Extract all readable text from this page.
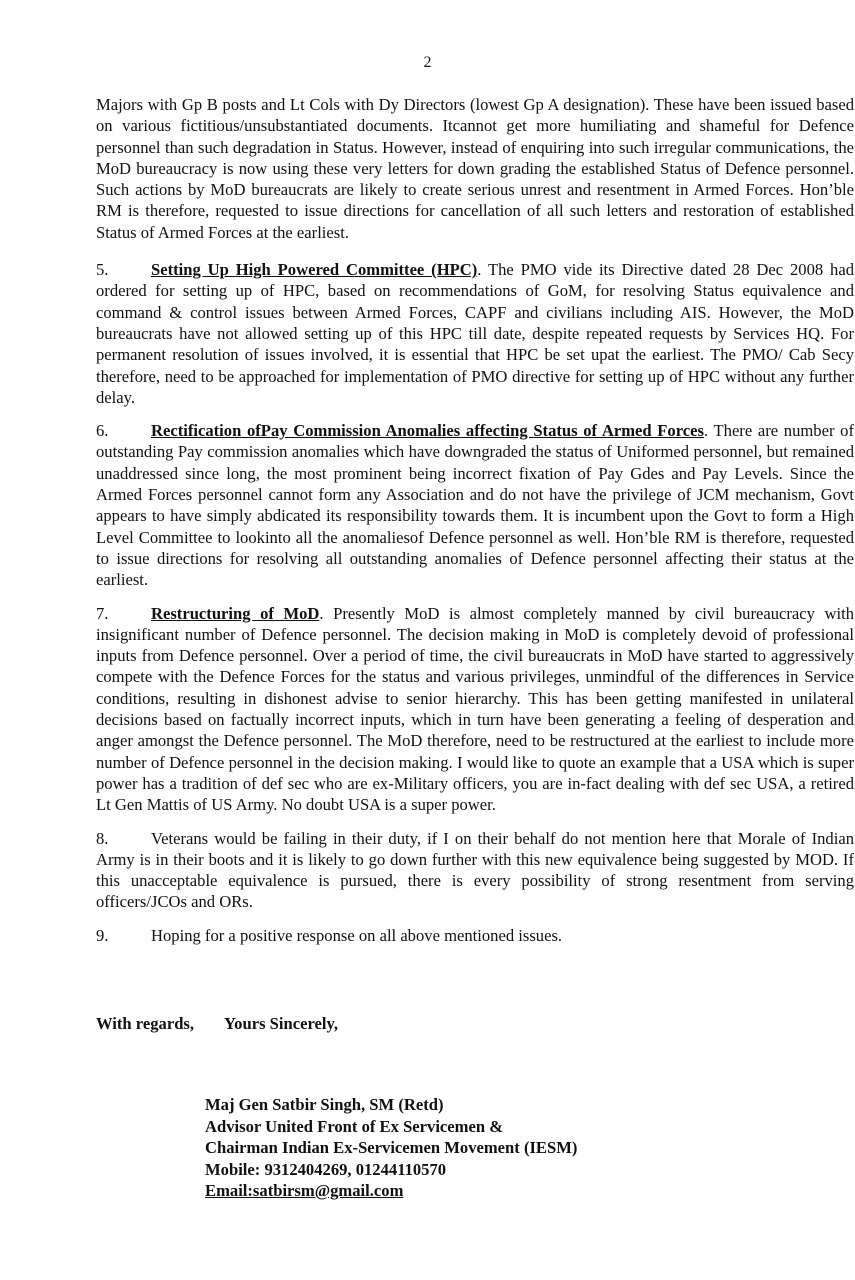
2

Majors with Gp B posts and Lt Cols with Dy Directors (lowest Gp A designation). These have been issued based on various fictitious/unsubstantiated documents. Itcannot get more humiliating and shameful for Defence personnel than such degradation in Status. However, instead of enquiring into such irregular communications, the MoD bureaucracy is now using these very letters for down grading the established Status of Defence personnel. Such actions by MoD bureaucrats are likely to create serious unrest and resentment in Armed Forces. Hon’ble RM is therefore, requested to issue directions for cancellation of all such letters and restoration of established Status of Armed Forces at the earliest.

5.	Setting Up High Powered Committee (HPC). The PMO vide its Directive dated 28 Dec 2008 had ordered for setting up of HPC, based on recommendations of GoM, for resolving Status equivalence and command & control issues between Armed Forces, CAPF and civilians including AIS. However, the MoD bureaucrats have not allowed setting up of this HPC till date, despite repeated requests by Services HQ. For permanent resolution of issues involved, it is essential that HPC be set upat the earliest. The PMO/ Cab Secy therefore, need to be approached for implementation of PMO directive for setting up of HPC without any further delay.

6.	Rectification ofPay Commission Anomalies affecting Status of Armed Forces. There are number of outstanding Pay commission anomalies which have downgraded the status of Uniformed personnel, but remained unaddressed since long, the most prominent being incorrect fixation of Pay Gdes and Pay Levels. Since the Armed Forces personnel cannot form any Association and do not have the privilege of JCM mechanism, Govt appears to have simply abdicated its responsibility towards them. It is incumbent upon the Govt to form a High Level Committee to lookinto all the anomaliesof Defence personnel as well. Hon’ble RM is therefore, requested to issue directions for resolving all outstanding anomalies of Defence personnel affecting their status at the earliest.

7.	Restructuring of MoD. Presently MoD is almost completely manned by civil bureaucracy with insignificant number of Defence personnel. The decision making in MoD is completely devoid of professional inputs from Defence personnel. Over a period of time, the civil bureaucrats in MoD have started to aggressively compete with the Defence Forces for the status and various privileges, unmindful of the differences in Service conditions, resulting in dishonest advise to senior hierarchy. This has been getting manifested in unilateral decisions based on factually incorrect inputs, which in turn have been generating a feeling of desperation and anger amongst the Defence personnel. The MoD therefore, need to be restructured at the earliest to include more number of Defence personnel in the decision making. I would like to quote an example that a USA which is super power has a tradition of def sec who are ex-Military officers, you are in-fact dealing with def sec USA, a retired Lt Gen Mattis of US Army. No doubt USA is a super power.

8.	Veterans would be failing in their duty, if I on their behalf do not mention here that Morale of Indian Army is in their boots and it is likely to go down further with this new equivalence being suggested by MOD. If this unacceptable equivalence is pursued, there is every possibility of strong resentment from serving officers/JCOs and ORs.

9.	Hoping for a positive response on all above mentioned issues.

With regards, Yours Sincerely,
Maj Gen Satbir Singh, SM (Retd)
Advisor United Front of Ex Servicemen &
Chairman Indian Ex-Servicemen Movement (IESM)
Mobile: 9312404269, 01244110570
Email:satbirsm@gmail.com
